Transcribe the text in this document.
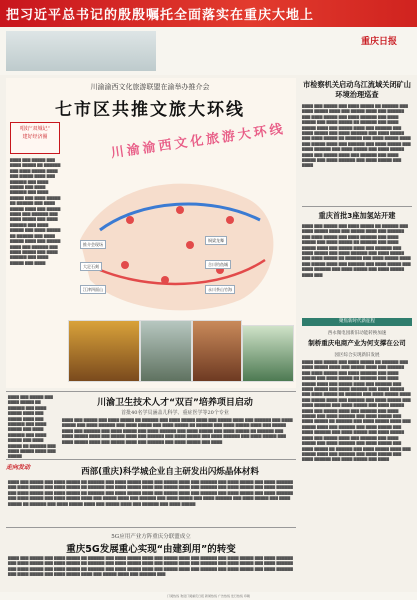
把习近平总书记的殷殷嘱托全面落实在重庆大地上
重庆日报
川渝渝西文化旅游联盟在渝举办推介会
七市区共推文旅大环线
唱好“双城记”
建好经济圈	川渝渝西文化旅游大环线
▇▇▇▇ ▇▇▇ ▇▇▇▇▇ ▇▇▇ ▇▇▇▇ ▇▇▇▇▇ ▇▇ ▇▇▇▇▇▇ ▇▇▇ ▇▇▇▇ ▇▇▇▇▇ ▇▇▇▇ ▇▇▇ ▇▇▇▇▇ ▇▇▇▇ ▇▇▇ ▇▇▇▇▇▇ ▇▇▇ ▇▇▇▇ ▇▇▇▇▇ ▇▇▇ ▇▇▇▇ ▇▇▇▇▇▇ ▇▇▇ ▇▇▇▇ ▇▇▇▇▇ ▇▇▇ ▇▇▇▇ ▇▇▇▇▇ ▇▇ ▇▇▇▇▇▇ ▇▇▇ ▇▇▇▇ ▇▇▇▇▇ ▇▇▇▇ ▇▇▇ ▇▇▇▇▇ ▇▇▇▇ ▇▇▇ ▇▇▇▇▇▇ ▇▇▇ ▇▇▇▇ ▇▇▇▇▇ ▇▇▇ ▇▇▇▇ ▇▇▇▇▇▇ ▇▇▇ ▇▇▇▇ ▇▇▇▇▇ ▇▇▇ ▇▇▇▇ ▇▇▇▇▇ ▇▇ ▇▇▇▇▇▇ ▇▇▇ ▇▇▇▇ ▇▇▇▇▇ ▇▇▇▇ ▇▇▇ ▇▇▇▇▇ ▇▇▇▇ ▇▇▇ ▇▇▇▇▇▇ ▇▇▇ ▇▇▇▇ ▇▇▇▇▇ ▇▇▇ ▇▇▇▇ ▇▇▇▇▇▇ ▇▇▇ ▇▇▇▇ ▇▇▇▇▇ ▇▇▇ ▇▇▇▇
推介会现场
铜梁龙舞
大足石刻	合川钓鱼城
江津四面山	永川茶山竹海
市检察机关启动乌江流域关闭矿山环境治理巡查
▇▇▇▇ ▇▇▇ ▇▇▇▇▇ ▇▇▇ ▇▇▇▇ ▇▇▇▇▇ ▇▇ ▇▇▇▇▇▇ ▇▇▇ ▇▇▇▇ ▇▇▇▇▇ ▇▇▇▇ ▇▇▇ ▇▇▇▇▇ ▇▇▇▇ ▇▇▇ ▇▇▇▇▇▇ ▇▇▇ ▇▇▇▇ ▇▇▇▇▇ ▇▇▇ ▇▇▇▇ ▇▇▇▇▇▇ ▇▇▇ ▇▇▇▇ ▇▇▇▇▇ ▇▇▇ ▇▇▇▇ ▇▇▇▇▇ ▇▇ ▇▇▇▇▇▇ ▇▇▇ ▇▇▇▇ ▇▇▇▇▇ ▇▇▇▇ ▇▇▇ ▇▇▇▇▇ ▇▇▇▇ ▇▇▇ ▇▇▇▇▇▇ ▇▇▇ ▇▇▇▇ ▇▇▇▇▇ ▇▇▇ ▇▇▇▇ ▇▇▇▇▇▇ ▇▇▇ ▇▇▇▇ ▇▇▇▇▇ ▇▇▇ ▇▇▇▇ ▇▇▇▇▇ ▇▇ ▇▇▇▇▇▇ ▇▇▇ ▇▇▇▇ ▇▇▇▇▇ ▇▇▇▇ ▇▇▇ ▇▇▇▇▇ ▇▇▇▇ ▇▇▇ ▇▇▇▇▇▇ ▇▇▇ ▇▇▇▇ ▇▇▇▇▇ ▇▇▇ ▇▇▇▇ ▇▇▇▇▇▇ ▇▇▇ ▇▇▇▇ ▇▇▇▇▇ ▇▇▇ ▇▇▇▇ ▇▇▇▇▇ ▇▇▇▇ ▇▇▇ ▇▇▇▇▇ ▇▇▇▇ ▇▇▇ ▇▇▇▇▇▇ ▇▇▇ ▇▇▇▇ ▇▇▇▇▇ ▇▇▇ ▇▇▇▇ ▇▇▇▇▇▇ ▇▇▇ ▇▇▇▇ ▇▇▇▇▇ ▇▇▇ ▇▇▇▇
重庆首批3座加氢站开建
▇▇▇▇ ▇▇▇ ▇▇▇▇▇ ▇▇▇ ▇▇▇▇ ▇▇▇▇▇ ▇▇ ▇▇▇▇▇▇ ▇▇▇ ▇▇▇▇ ▇▇▇▇▇ ▇▇▇▇ ▇▇▇ ▇▇▇▇▇ ▇▇▇▇ ▇▇▇ ▇▇▇▇▇▇ ▇▇▇ ▇▇▇▇ ▇▇▇▇▇ ▇▇▇ ▇▇▇▇ ▇▇▇▇▇▇ ▇▇▇ ▇▇▇▇ ▇▇▇▇▇ ▇▇▇ ▇▇▇▇ ▇▇▇▇▇ ▇▇ ▇▇▇▇▇▇ ▇▇▇ ▇▇▇▇ ▇▇▇▇▇ ▇▇▇▇ ▇▇▇ ▇▇▇▇▇ ▇▇▇▇ ▇▇▇ ▇▇▇▇▇▇ ▇▇▇ ▇▇▇▇ ▇▇▇▇▇ ▇▇▇ ▇▇▇▇ ▇▇▇▇▇▇ ▇▇▇ ▇▇▇▇ ▇▇▇▇▇ ▇▇▇ ▇▇▇▇ ▇▇▇▇▇ ▇▇ ▇▇▇▇▇▇ ▇▇▇ ▇▇▇▇ ▇▇▇▇▇ ▇▇▇▇ ▇▇▇ ▇▇▇▇▇ ▇▇▇▇ ▇▇▇ ▇▇▇▇▇▇ ▇▇▇ ▇▇▇▇ ▇▇▇▇▇ ▇▇▇ ▇▇▇▇ ▇▇▇▇▇▇ ▇▇▇ ▇▇▇▇ ▇▇▇▇▇ ▇▇▇ ▇▇▇▇ ▇▇▇▇▇ ▇▇▇▇ ▇▇▇
聚焦新时代新征程
西永微电园新旧动能转换加速
制桥重庆电商产业为何支撑在公司
园区综合实现新旧发展
▇▇▇▇ ▇▇▇ ▇▇▇▇▇ ▇▇▇ ▇▇▇▇ ▇▇▇▇▇ ▇▇ ▇▇▇▇▇▇ ▇▇▇ ▇▇▇▇ ▇▇▇▇▇ ▇▇▇▇ ▇▇▇ ▇▇▇▇▇ ▇▇▇▇ ▇▇▇ ▇▇▇▇▇▇ ▇▇▇ ▇▇▇▇ ▇▇▇▇▇ ▇▇▇ ▇▇▇▇ ▇▇▇▇▇▇ ▇▇▇ ▇▇▇▇ ▇▇▇▇▇ ▇▇▇ ▇▇▇▇ ▇▇▇▇▇ ▇▇ ▇▇▇▇▇▇ ▇▇▇ ▇▇▇▇ ▇▇▇▇▇ ▇▇▇▇ ▇▇▇ ▇▇▇▇▇ ▇▇▇▇ ▇▇▇ ▇▇▇▇▇▇ ▇▇▇ ▇▇▇▇ ▇▇▇▇▇ ▇▇▇ ▇▇▇▇ ▇▇▇▇▇▇ ▇▇▇ ▇▇▇▇ ▇▇▇▇▇ ▇▇▇ ▇▇▇▇ ▇▇▇▇▇ ▇▇ ▇▇▇▇▇▇ ▇▇▇ ▇▇▇▇ ▇▇▇▇▇ ▇▇▇▇ ▇▇▇ ▇▇▇▇▇ ▇▇▇▇ ▇▇▇ ▇▇▇▇▇▇ ▇▇▇ ▇▇▇▇ ▇▇▇▇▇ ▇▇▇ ▇▇▇▇ ▇▇▇▇▇▇ ▇▇▇ ▇▇▇▇ ▇▇▇▇▇ ▇▇▇ ▇▇▇▇ ▇▇▇▇▇ ▇▇▇▇ ▇▇▇ ▇▇▇▇▇ ▇▇▇▇ ▇▇▇ ▇▇▇▇▇▇ ▇▇▇ ▇▇▇▇ ▇▇▇▇▇ ▇▇▇ ▇▇▇▇ ▇▇▇▇▇▇ ▇▇▇ ▇▇▇▇ ▇▇▇▇▇ ▇▇▇ ▇▇▇▇ ▇▇▇▇▇ ▇▇ ▇▇▇▇▇▇ ▇▇▇ ▇▇▇▇ ▇▇▇▇▇ ▇▇▇▇ ▇▇▇ ▇▇▇▇▇ ▇▇▇▇ ▇▇▇ ▇▇▇▇▇▇ ▇▇▇ ▇▇▇▇ ▇▇▇▇▇ ▇▇▇ ▇▇▇▇ ▇▇▇▇▇▇ ▇▇▇ ▇▇▇▇ ▇▇▇▇▇ ▇▇▇ ▇▇▇▇ ▇▇▇▇▇ ▇▇▇▇ ▇▇▇ ▇▇▇▇▇ ▇▇▇▇ ▇▇▇ ▇▇▇▇▇▇ ▇▇▇ ▇▇▇▇ ▇▇▇▇▇ ▇▇▇ ▇▇▇▇ ▇▇▇▇▇▇ ▇▇▇ ▇▇▇▇ ▇▇▇▇▇ ▇▇▇ ▇▇▇▇ ▇▇▇▇▇ ▇▇ ▇▇▇▇▇▇ ▇▇▇ ▇▇▇▇ ▇▇▇▇▇ ▇▇▇▇ ▇▇▇ ▇▇▇▇▇ ▇▇▇▇ ▇▇▇ ▇▇▇▇▇▇ ▇▇▇ ▇▇▇▇ ▇▇▇▇▇ ▇▇▇ ▇▇▇▇ ▇▇▇▇▇▇ ▇▇▇ ▇▇▇▇ ▇▇▇▇▇ ▇▇▇ ▇▇▇▇
川渝卫生技术人才“双百”培养项目启动
首批40名学员涵盖儿科学、重症医学等20个专业
▇▇▇▇ ▇▇▇ ▇▇▇▇▇ ▇▇▇ ▇▇▇▇ ▇▇▇▇▇ ▇▇ ▇▇▇▇▇▇ ▇▇▇ ▇▇▇▇ ▇▇▇▇▇ ▇▇▇▇ ▇▇▇ ▇▇▇▇▇ ▇▇▇▇ ▇▇▇ ▇▇▇▇▇▇ ▇▇▇ ▇▇▇▇ ▇▇▇▇▇ ▇▇▇ ▇▇▇▇ ▇▇▇▇▇▇ ▇▇▇ ▇▇▇▇ ▇▇▇▇▇ ▇▇▇ ▇▇▇▇ ▇▇▇▇▇ ▇▇ ▇▇▇▇▇▇ ▇▇▇ ▇▇▇▇ ▇▇▇▇▇ ▇▇▇▇ ▇▇▇ ▇▇▇▇▇
▇▇▇▇ ▇▇▇ ▇▇▇▇▇ ▇▇▇ ▇▇▇▇ ▇▇▇▇▇ ▇▇ ▇▇▇▇▇▇ ▇▇▇ ▇▇▇▇ ▇▇▇▇▇ ▇▇▇▇ ▇▇▇ ▇▇▇▇▇ ▇▇▇▇ ▇▇▇ ▇▇▇▇▇▇ ▇▇▇ ▇▇▇▇ ▇▇▇▇▇ ▇▇▇ ▇▇▇▇ ▇▇▇▇▇▇ ▇▇▇ ▇▇▇▇ ▇▇▇▇▇ ▇▇▇ ▇▇▇▇ ▇▇▇▇▇ ▇▇ ▇▇▇▇▇▇ ▇▇▇ ▇▇▇▇ ▇▇▇▇▇ ▇▇▇▇ ▇▇▇ ▇▇▇▇▇ ▇▇▇▇ ▇▇▇ ▇▇▇▇▇▇ ▇▇▇ ▇▇▇▇ ▇▇▇▇▇ ▇▇▇ ▇▇▇▇ ▇▇▇▇▇▇ ▇▇▇ ▇▇▇▇ ▇▇▇▇▇ ▇▇▇ ▇▇▇▇ ▇▇▇▇▇ ▇▇ ▇▇▇▇▇▇ ▇▇▇ ▇▇▇▇ ▇▇▇▇▇ ▇▇▇▇ ▇▇▇ ▇▇▇▇▇ ▇▇▇▇ ▇▇▇ ▇▇▇▇▇▇ ▇▇▇ ▇▇▇▇ ▇▇▇▇▇ ▇▇▇ ▇▇▇▇ ▇▇▇▇▇▇ ▇▇▇ ▇▇▇▇ ▇▇▇▇▇ ▇▇▇ ▇▇▇▇ ▇▇▇▇▇ ▇▇▇▇ ▇▇▇ ▇▇▇▇▇ ▇▇▇▇ ▇▇▇ ▇▇▇▇▇▇ ▇▇▇ ▇▇▇▇ ▇▇▇▇▇ ▇▇▇ ▇▇▇▇
走向发动	西部(重庆)科学城企业自主研发出闪烁晶体材料
▇▇▇▇ ▇▇▇ ▇▇▇▇▇ ▇▇▇ ▇▇▇▇ ▇▇▇▇▇ ▇▇ ▇▇▇▇▇▇ ▇▇▇ ▇▇▇▇ ▇▇▇▇▇ ▇▇▇▇ ▇▇▇ ▇▇▇▇▇ ▇▇▇▇ ▇▇▇ ▇▇▇▇▇▇ ▇▇▇ ▇▇▇▇ ▇▇▇▇▇ ▇▇▇ ▇▇▇▇ ▇▇▇▇▇▇ ▇▇▇ ▇▇▇▇ ▇▇▇▇▇ ▇▇▇ ▇▇▇▇ ▇▇▇▇▇ ▇▇ ▇▇▇▇▇▇ ▇▇▇ ▇▇▇▇ ▇▇▇▇▇ ▇▇▇▇ ▇▇▇ ▇▇▇▇▇ ▇▇▇▇ ▇▇▇ ▇▇▇▇▇▇ ▇▇▇ ▇▇▇▇ ▇▇▇▇▇ ▇▇▇ ▇▇▇▇ ▇▇▇▇▇▇ ▇▇▇ ▇▇▇▇ ▇▇▇▇▇ ▇▇▇ ▇▇▇▇ ▇▇▇▇▇ ▇▇ ▇▇▇▇▇▇ ▇▇▇ ▇▇▇▇ ▇▇▇▇▇ ▇▇▇▇ ▇▇▇ ▇▇▇▇▇ ▇▇▇▇ ▇▇▇ ▇▇▇▇▇▇ ▇▇▇ ▇▇▇▇ ▇▇▇▇▇ ▇▇▇ ▇▇▇▇ ▇▇▇▇▇▇ ▇▇▇ ▇▇▇▇ ▇▇▇▇▇ ▇▇▇ ▇▇▇▇ ▇▇▇▇▇ ▇▇▇▇ ▇▇▇ ▇▇▇▇▇ ▇▇▇▇ ▇▇▇ ▇▇▇▇▇▇ ▇▇▇ ▇▇▇▇ ▇▇▇▇▇ ▇▇▇ ▇▇▇▇ ▇▇▇▇▇▇ ▇▇▇ ▇▇▇▇ ▇▇▇▇▇ ▇▇▇ ▇▇▇▇ ▇▇▇▇▇ ▇▇ ▇▇▇▇▇▇ ▇▇▇ ▇▇▇▇ ▇▇▇▇▇ ▇▇▇▇ ▇▇▇ ▇▇▇▇▇ ▇▇▇▇ ▇▇▇ ▇▇▇▇▇▇ ▇▇▇ ▇▇▇▇ ▇▇▇▇▇
5G应用产业方阵重庆分联盟成立
重庆5G发展重心实现“由建到用”的转变
▇▇▇▇ ▇▇▇ ▇▇▇▇▇ ▇▇▇ ▇▇▇▇ ▇▇▇▇▇ ▇▇ ▇▇▇▇▇▇ ▇▇▇ ▇▇▇▇ ▇▇▇▇▇ ▇▇▇▇ ▇▇▇ ▇▇▇▇▇ ▇▇▇▇ ▇▇▇ ▇▇▇▇▇▇ ▇▇▇ ▇▇▇▇ ▇▇▇▇▇ ▇▇▇ ▇▇▇▇ ▇▇▇▇▇▇ ▇▇▇ ▇▇▇▇ ▇▇▇▇▇ ▇▇▇ ▇▇▇▇ ▇▇▇▇▇ ▇▇ ▇▇▇▇▇▇ ▇▇▇ ▇▇▇▇ ▇▇▇▇▇ ▇▇▇▇ ▇▇▇ ▇▇▇▇▇ ▇▇▇▇ ▇▇▇ ▇▇▇▇▇▇ ▇▇▇ ▇▇▇▇ ▇▇▇▇▇ ▇▇▇ ▇▇▇▇ ▇▇▇▇▇▇ ▇▇▇ ▇▇▇▇ ▇▇▇▇▇ ▇▇▇ ▇▇▇▇ ▇▇▇▇▇ ▇▇ ▇▇▇▇▇▇ ▇▇▇ ▇▇▇▇ ▇▇▇▇▇ ▇▇▇▇ ▇▇▇ ▇▇▇▇▇ ▇▇▇▇ ▇▇▇ ▇▇▇▇▇▇ ▇▇▇ ▇▇▇▇ ▇▇▇▇▇ ▇▇▇ ▇▇▇▇ ▇▇▇▇▇▇ ▇▇▇ ▇▇▇▇ ▇▇▇▇▇ ▇▇▇ ▇▇▇▇ ▇▇▇▇▇ ▇▇▇▇ ▇▇▇ ▇▇▇▇▇ ▇▇▇▇ ▇▇▇ ▇▇▇▇▇▇ ▇▇▇
订阅热线 欢迎订阅重庆日报 新闻热线 广告热线 发行热线 印刷
